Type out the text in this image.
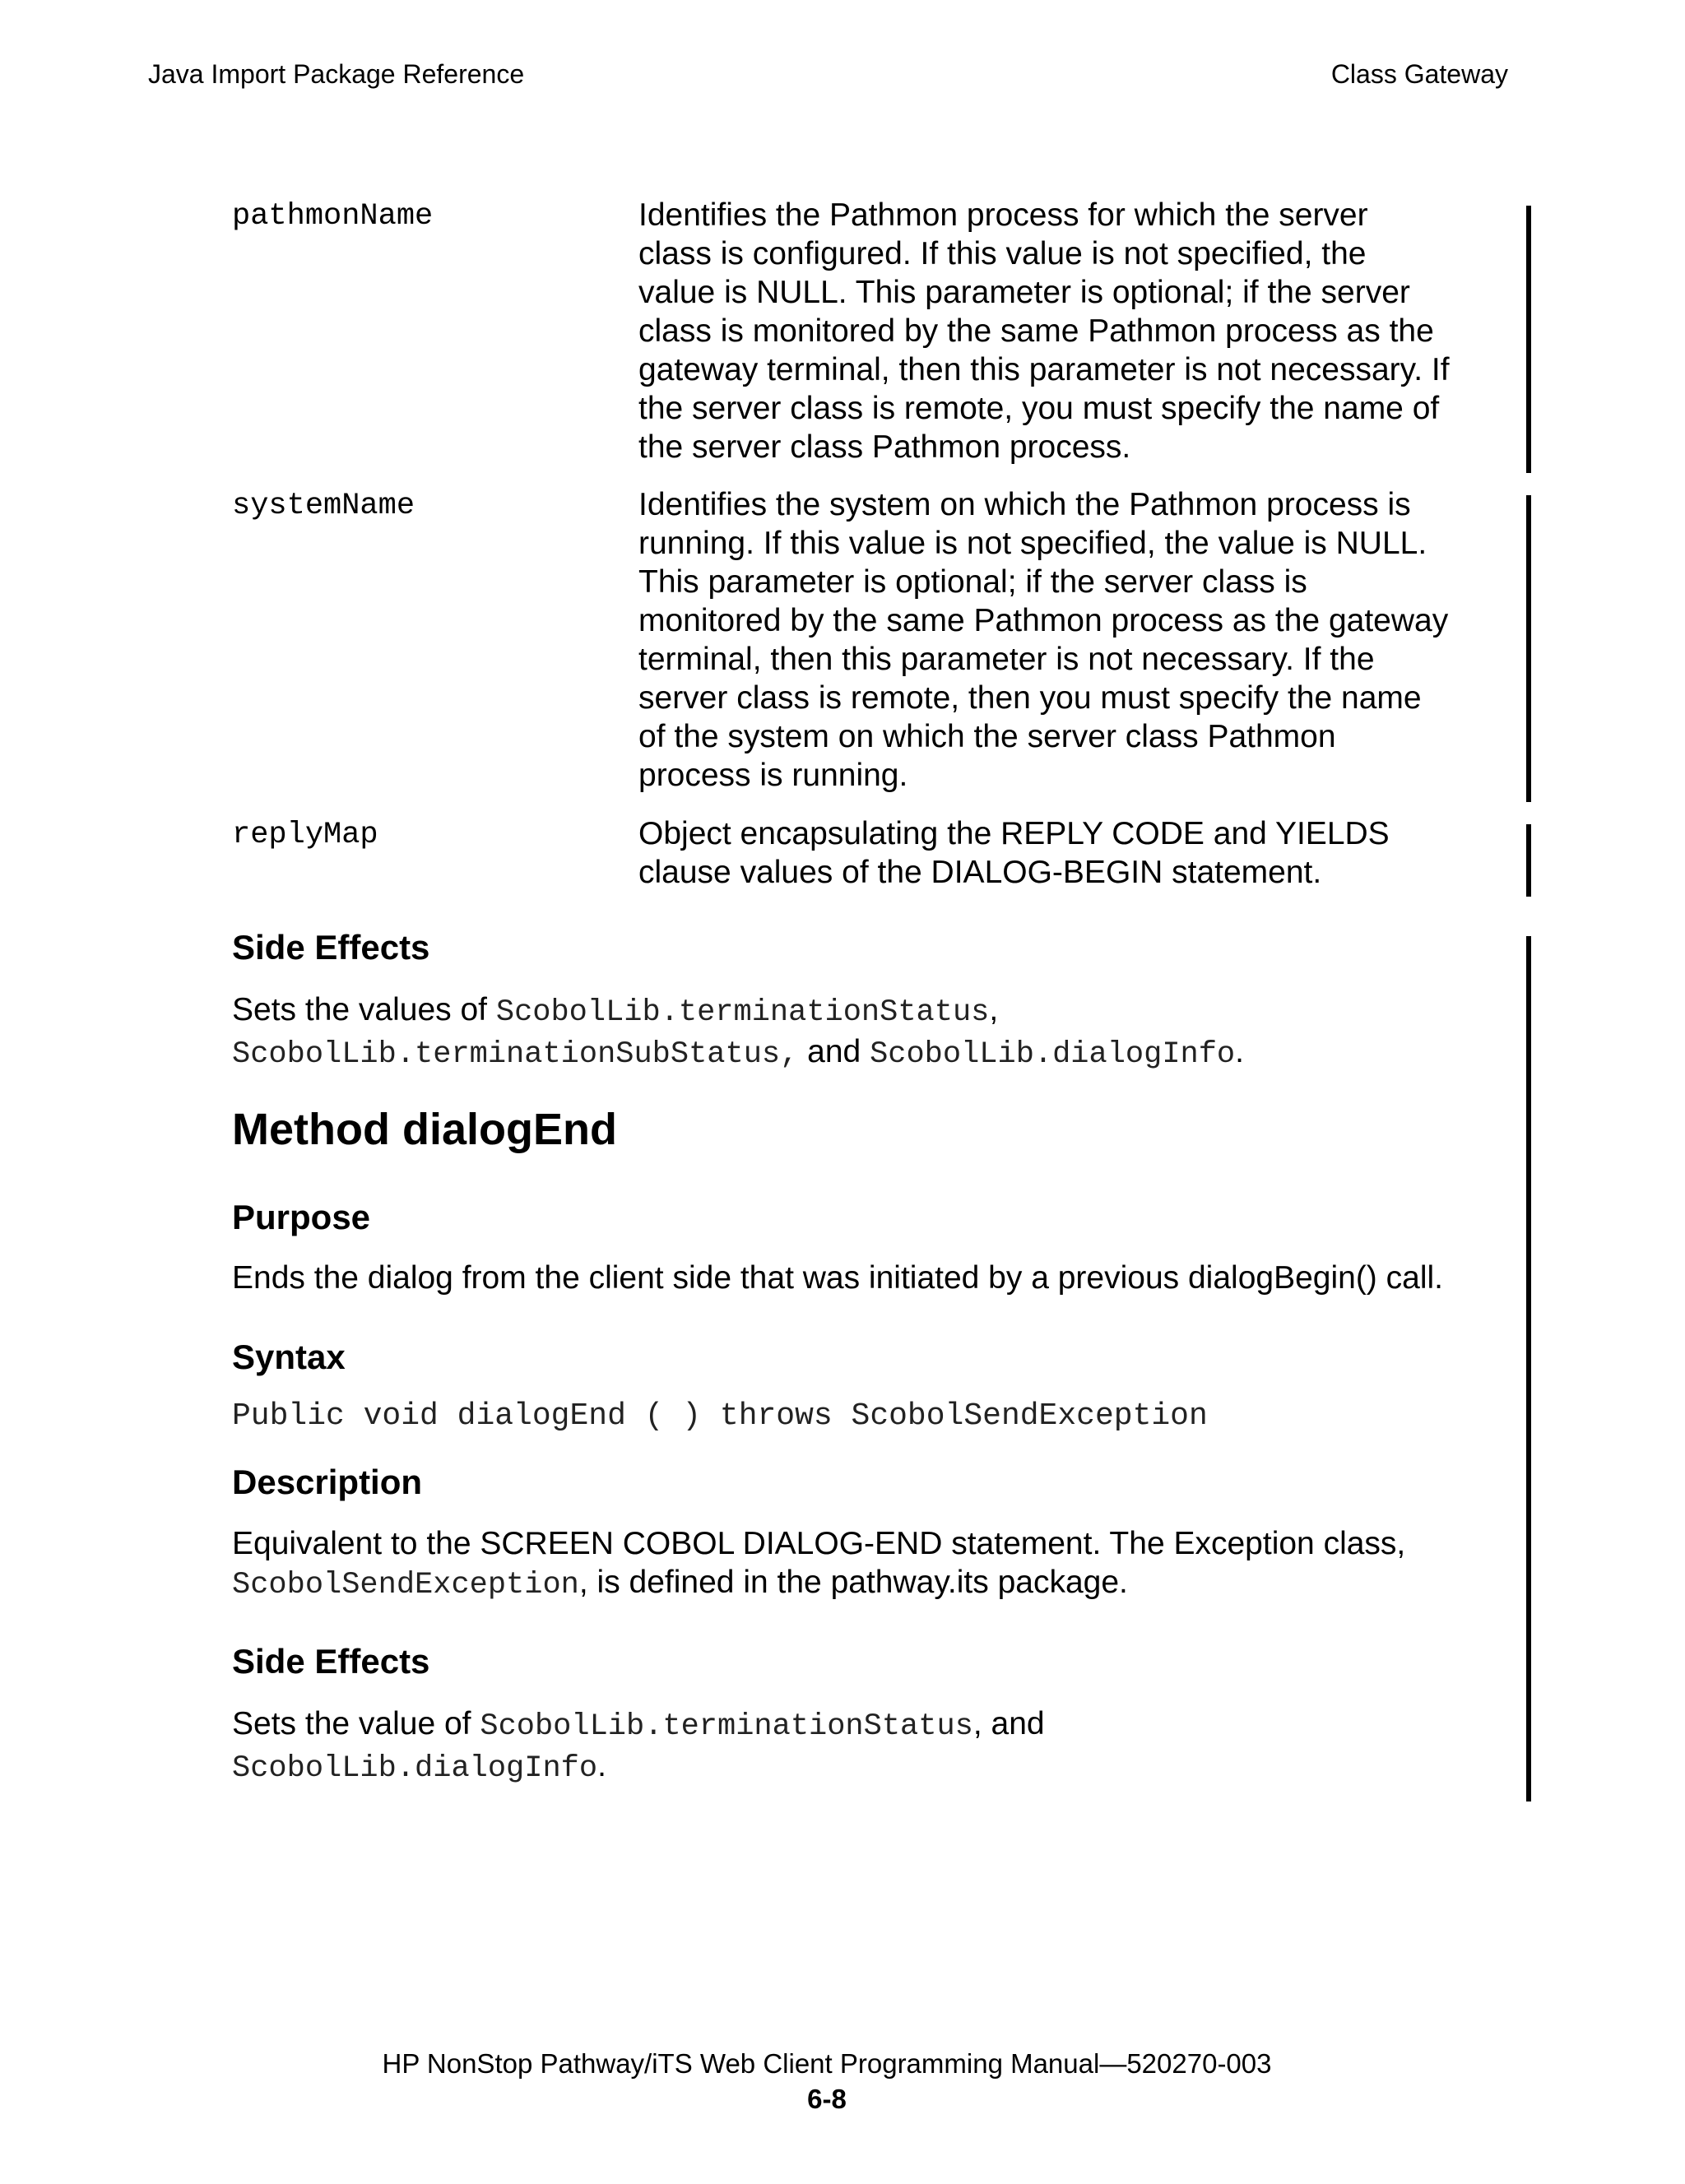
Java Import Package Reference	Class Gateway
pathmonName	Identifies the Pathmon process for which the server
class is configured. If this value is not specified, the
value is NULL. This parameter is optional; if the server
class is monitored by the same Pathmon process as the
gateway terminal, then this parameter is not necessary. If
the server class is remote, you must specify the name of
the server class Pathmon process.
systemName	Identifies the system on which the Pathmon process is
running. If this value is not specified, the value is NULL.
This parameter is optional; if the server class is
monitored by the same Pathmon process as the gateway
terminal, then this parameter is not necessary. If the
server class is remote, then you must specify the name
of the system on which the server class Pathmon
process is running.
replyMap	Object encapsulating the REPLY CODE and YIELDS
clause values of the DIALOG-BEGIN statement.
Side Effects
Sets the values of ScobolLib.terminationStatus,
ScobolLib.terminationSubStatus, and ScobolLib.dialogInfo.
Method dialogEnd
Purpose
Ends the dialog from the client side that was initiated by a previous dialogBegin() call.
Syntax
Public void dialogEnd ( ) throws ScobolSendException
Description
Equivalent to the SCREEN COBOL DIALOG-END statement. The Exception class,
ScobolSendException, is defined in the pathway.its package.
Side Effects
Sets the value of ScobolLib.terminationStatus, and
ScobolLib.dialogInfo.
HP NonStop Pathway/iTS Web Client Programming Manual—520270-003
6-8
